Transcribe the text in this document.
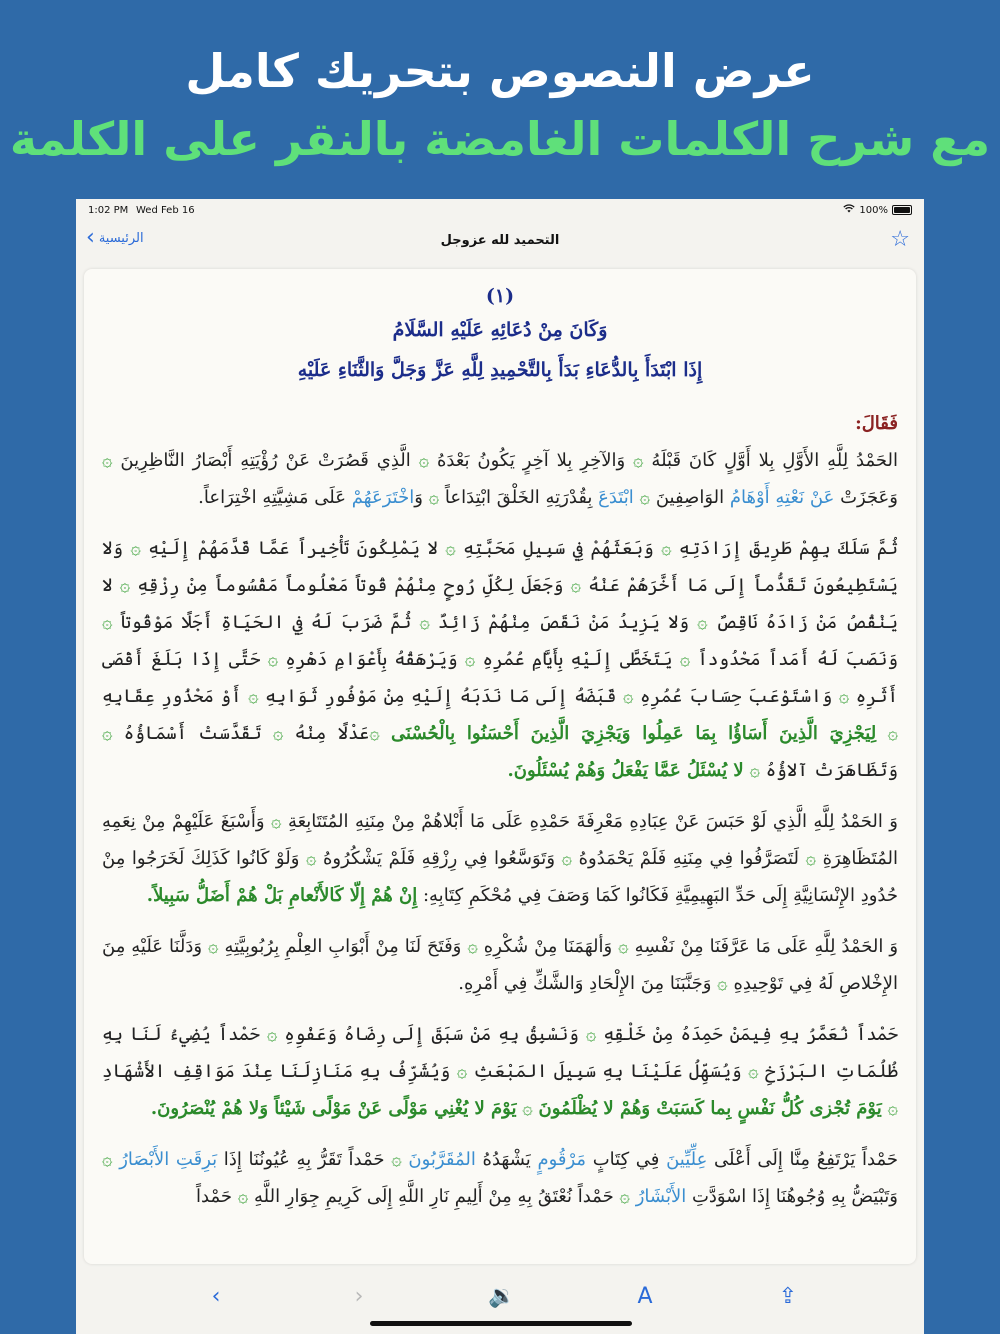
عرض النصوص بتحريك كامل
مع شرح الكلمات الغامضة بالنقر على الكلمة
1:02 PM Wed Feb 16	100%
‹ الرئيسية	التحميد لله عزوجل	☆
(١)
وَكَانَ مِنْ دُعَائِهِ عَلَيْهِ السَّلَامُ
إِذَا ابْتَدَأَ بِالدُّعَاءِ بَدَأَ بِالتَّحْمِيدِ لِلَّهِ عَزَّ وَجَلَّ وَالثَّنَاءِ عَلَيْهِ
فَقَالَ:

الحَمْدُ لِلَّهِ الأَوَّلِ بِلا أَوَّلٍ كَانَ قَبْلَهُ ۞ وَالآخِرِ بِلا آخِرٍ يَكُونُ بَعْدَهُ ۞ الَّذِي قَصُرَتْ عَنْ رُؤْيَتِهِ أَبْصَارُ النَّاظِرِينَ ۞ وَعَجَزَتْ عَنْ نَعْتِهِ أَوْهَامُ الوَاصِفِينَ ۞ ابْتَدَعَ بِقُدْرَتِهِ الخَلْقَ ابْتِدَاعاً ۞ وَاخْتَرَعَهُمْ عَلَى مَشِيَّتِهِ اخْتِرَاعاً.

ثُمَّ سَلَكَ بِهِمْ طَرِيقَ إِرَادَتِهِ ۞ وَبَعَثَهُمْ فِي سَبِيلِ مَحَبَّتِهِ ۞ لا يَمْلِكُونَ تَأْخِيراً عَمَّا قَدَّمَهُمْ إِلَيْهِ ۞ وَلا يَسْتَطِيعُونَ تَقَدُّماً إِلَى مَا أَخَّرَهُمْ عَنْهُ ۞ وَجَعَلَ لِكُلِّ رُوحٍ مِنْهُمْ قُوتاً مَعْلُوماً مَقْسُوماً مِنْ رِزْقِهِ ۞ لا يَنْقُصُ مَنْ زَادَهُ نَاقِصٌ ۞ وَلا يَزِيدُ مَنْ نَقَصَ مِنْهُمْ زَائِدٌ ۞ ثُمَّ ضَرَبَ لَهُ فِي الحَيَاةِ أَجَلًا مَوْقُوتاً ۞ وَنَصَبَ لَهُ أَمَداً مَحْدُوداً ۞ يَتَخَطَّى إِلَيْهِ بِأَيَّامِ عُمُرِهِ ۞ وَيَرْهَقُهُ بِأَعْوَامِ دَهْرِهِ ۞ حَتَّى إِذَا بَلَغَ أَقْصَى أَثَرِهِ ۞ وَاسْتَوْعَبَ حِسَابَ عُمُرِهِ ۞ قَبَضَهُ إِلَى مَا نَدَبَهُ إِلَيْهِ مِنْ مَوْفُورِ ثَوَابِهِ ۞ أَوْ مَحْذُورِ عِقَابِهِ ۞ لِيَجْزِيَ الَّذِينَ أَسَاؤُا بِمَا عَمِلُوا وَيَجْزِيَ الَّذِينَ أَحْسَنُوا بِالْحُسْنَى ۞عَدْلًا مِنْهُ ۞ تَقَدَّسَتْ أَسْمَاؤُهُ ۞ وَتَظَاهَرَتْ آلاؤُهُ ۞ لا يُسْئَلُ عَمَّا يَفْعَلُ وَهُمْ يُسْئَلُونَ.

وَ الحَمْدُ لِلَّهِ الَّذِي لَوْ حَبَسَ عَنْ عِبَادِهِ مَعْرِفَةَ حَمْدِهِ عَلَى مَا أَبْلاهُمْ مِنْ مِنَنِهِ المُتَتَابِعَةِ ۞ وَأَسْبَغَ عَلَيْهِمْ مِنْ نِعَمِهِ المُتَظَاهِرَةِ ۞ لَتَصَرَّفُوا فِي مِنَنِهِ فَلَمْ يَحْمَدُوهُ ۞ وَتَوَسَّعُوا فِي رِزْقِهِ فَلَمْ يَشْكُرُوهُ ۞ وَلَوْ كَانُوا كَذَلِكَ لَخَرَجُوا مِنْ حُدُودِ الإِنْسَانِيَّةِ إِلَى حَدِّ البَهِيمِيَّةِ فَكَانُوا كَمَا وَصَفَ فِي مُحْكَمِ كِتَابِهِ: إِنْ هُمْ إِلّا كَالأَنْعامِ بَلْ هُمْ أَضَلُّ سَبِيلاً.

وَ الحَمْدُ لِلَّهِ عَلَى مَا عَرَّفَنَا مِنْ نَفْسِهِ ۞ وَألهَمَنَا مِنْ شُكْرِهِ ۞ وَفَتَحَ لَنَا مِنْ أَبْوَابِ العِلْمِ بِرُبُوبِيَّتِهِ ۞ وَدَلَّنَا عَلَيْهِ مِنَ الإِخْلاصِ لَهُ فِي تَوْحِيدِهِ ۞ وَجَنَّبَنَا مِنَ الإِلْحَادِ وَالشَّكِّ فِي أَمْرِهِ.

حَمْداً نُعَمَّرُ بِهِ فِيمَنْ حَمِدَهُ مِنْ خَلْقِهِ ۞ وَنَسْبِقُ بِهِ مَنْ سَبَقَ إِلَى رِضَاهُ وَعَفْوِهِ ۞ حَمْداً يُضِيءُ لَنَا بِهِ ظُلُمَاتِ البَرْزَخِ ۞ وَيُسَهِّلُ عَلَيْنَا بِهِ سَبِيلَ المَبْعَثِ ۞ وَيُشَرِّفُ بِهِ مَنَازِلَنَا عِنْدَ مَوَاقِفِ الأَشْهَادِ ۞ يَوْمَ تُجْزى كُلُّ نَفْسٍ بِما كَسَبَتْ وَهُمْ لا يُظْلَمُونَ ۞ يَوْمَ لا يُغْنِي مَوْلًى عَنْ مَوْلًى شَيْئاً وَلا هُمْ يُنْصَرُونَ.

حَمْداً يَرْتَفِعُ مِنَّا إِلَى أَعْلَى عِلِّيِّينَ فِي كِتَابٍ مَرْقُومٍ يَشْهَدُهُ المُقَرَّبُونَ ۞ حَمْداً تَقَرُّ بِهِ عُيُونُنَا إِذَا بَرِقَتِ الأَبْصَارُ ۞ وَتَبْيَضُّ بِهِ وُجُوهُنَا إِذَا اسْوَدَّتِ الأَبْشَارُ ۞ حَمْداً نُعْتَقُ بِهِ مِنْ أَلِيمِ نَارِ اللَّهِ إِلَى كَرِيمِ جِوَارِ اللَّهِ ۞ حَمْداً

‹	›	🔉	A	⇪
